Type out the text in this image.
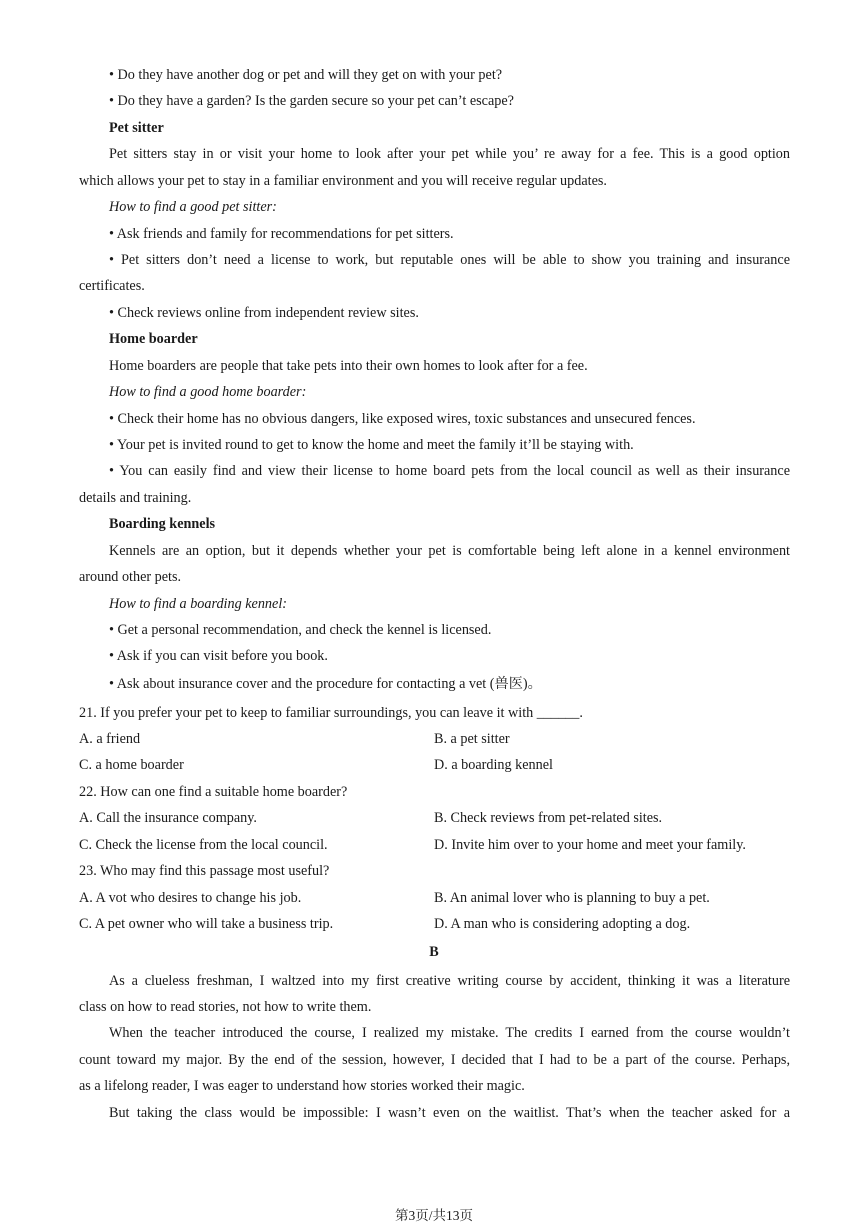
• Do they have another dog or pet and will they get on with your pet?
• Do they have a garden? Is the garden secure so your pet can’t escape?
Pet sitter
Pet sitters stay in or visit your home to look after your pet while you’ re away for a fee. This is a good option
which allows your pet to stay in a familiar environment and you will receive regular updates.
How to find a good pet sitter:
• Ask friends and family for recommendations for pet sitters.
• Pet sitters don’t need a license to work, but reputable ones will be able to show you training and insurance
certificates.
• Check reviews online from independent review sites.
Home boarder
Home boarders are people that take pets into their own homes to look after for a fee.
How to find a good home boarder:
• Check their home has no obvious dangers, like exposed wires, toxic substances and unsecured fences.
• Your pet is invited round to get to know the home and meet the family it’ll be staying with.
• You can easily find and view their license to home board pets from the local council as well as their insurance
details and training.
Boarding kennels
Kennels are an option, but it depends whether your pet is comfortable being left alone in a kennel environment
around other pets.
How to find a boarding kennel:
• Get a personal recommendation, and check the kennel is licensed.
• Ask if you can visit before you book.
• Ask about insurance cover and the procedure for contacting a vet (兽医)。
21. If you prefer your pet to keep to familiar surroundings, you can leave it with ______.
A. a friend	B. a pet sitter
C. a home boarder	D. a boarding kennel
22. How can one find a suitable home boarder?
A. Call the insurance company.	B. Check reviews from pet-related sites.
C. Check the license from the local council.	D. Invite him over to your home and meet your family.
23. Who may find this passage most useful?
A. A vot who desires to change his job.	B. An animal lover who is planning to buy a pet.
C. A pet owner who will take a business trip.	D. A man who is considering adopting a dog.
B
As a clueless freshman, I waltzed into my first creative writing course by accident, thinking it was a literature
class on how to read stories, not how to write them.
When the teacher introduced the course, I realized my mistake. The credits I earned from the course wouldn’t
count toward my major. By the end of the session, however, I decided that I had to be a part of the course. Perhaps,
as a lifelong reader, I was eager to understand how stories worked their magic.
But taking the class would be impossible: I wasn’t even on the waitlist. That’s when the teacher asked for a
第3页/共13页
